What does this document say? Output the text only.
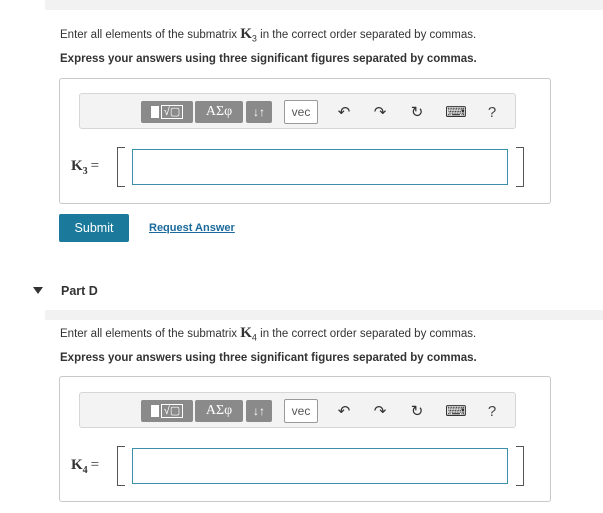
Enter all elements of the submatrix $K_3$ in the correct order separated by commas.
Express your answers using three significant figures separated by commas.
√▢	ΑΣφ	↓↑	vec	↶	↷	↻	⌨	?
$K_3$ =
Submit	Request Answer
Part D
Enter all elements of the submatrix $K_4$ in the correct order separated by commas.
Express your answers using three significant figures separated by commas.
√▢	ΑΣφ	↓↑	vec	↶	↷	↻	⌨	?
$K_4$ =
